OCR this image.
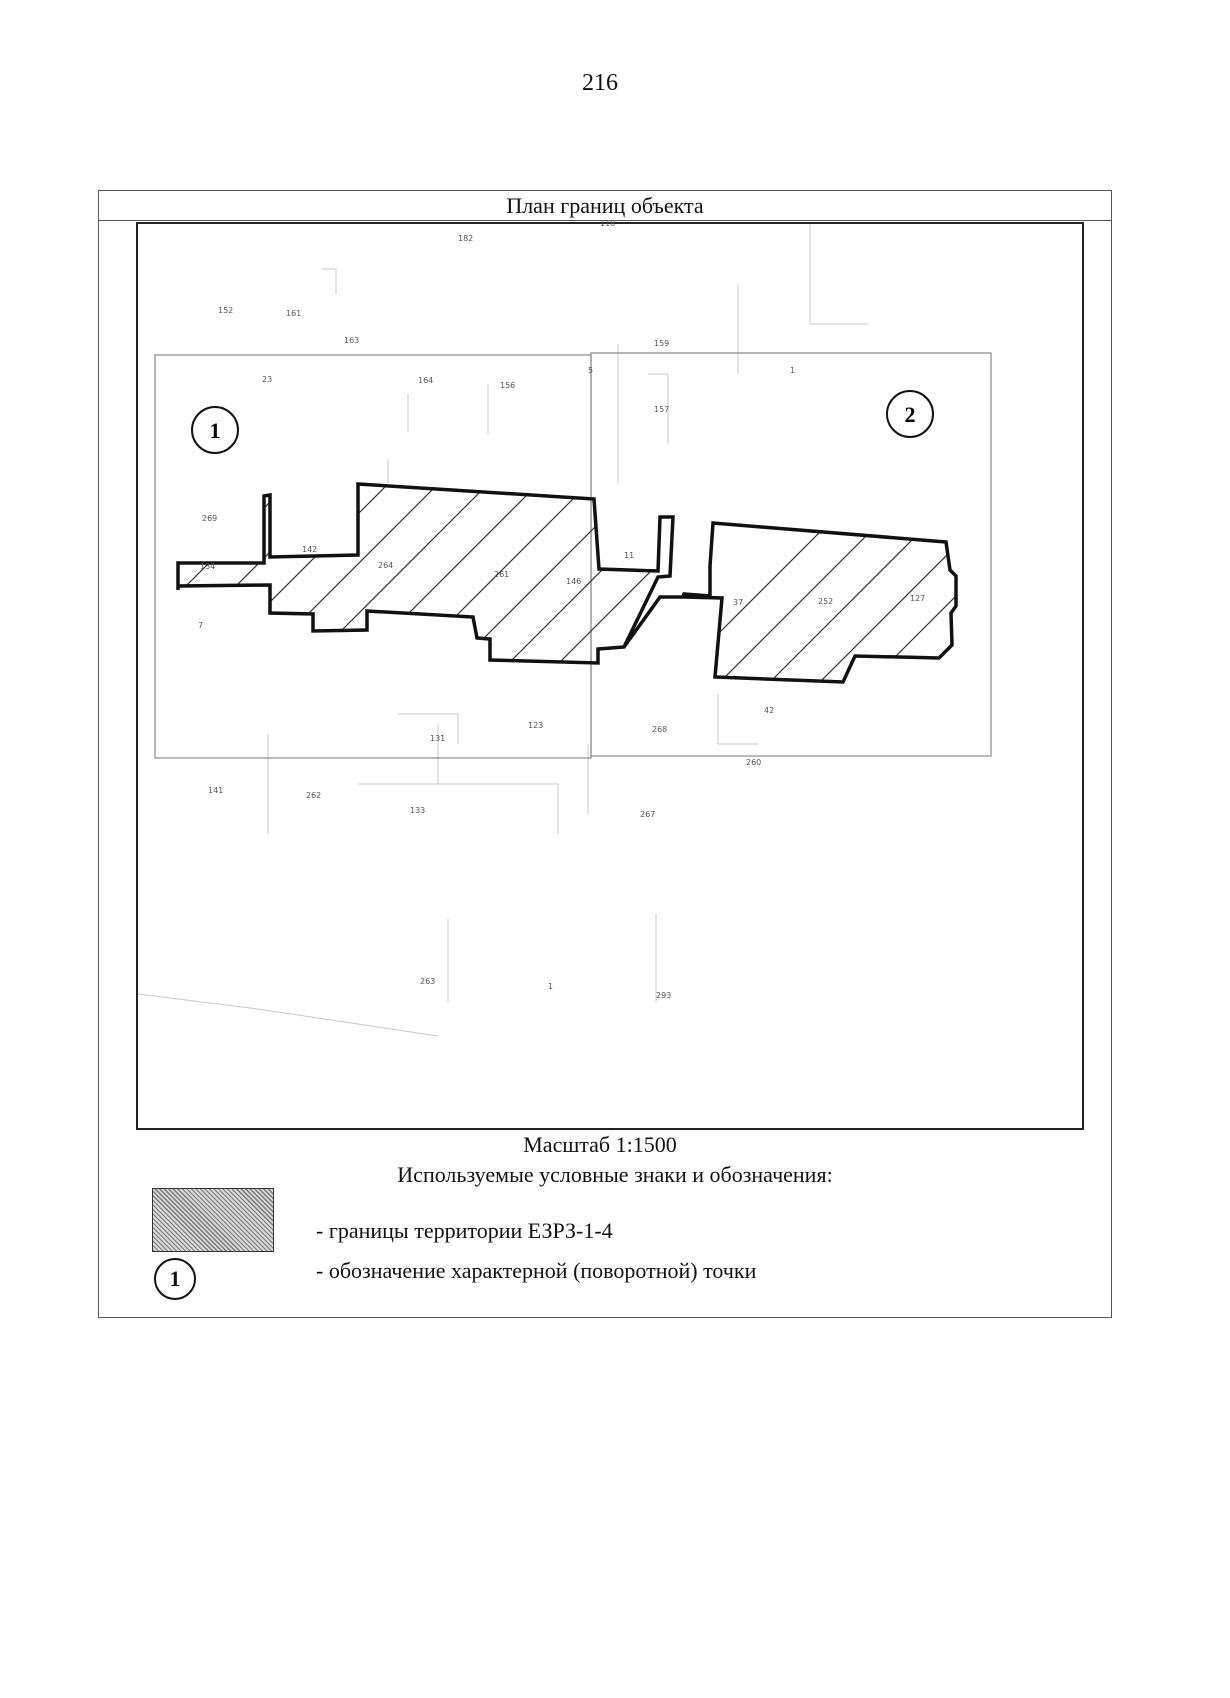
216
План границ объекта
1
2
182
118
152	161
163	159
23	164
156
5
157
1
269
142
134	264
261
146
11
37	252	127
7
123	268
42
131
260
141
262
133	267
263
1
293
Масштаб 1:1500
Используемые условные знаки и обозначения:
- границы территории ЕЗРЗ-1-4
1	- обозначение характерной (поворотной) точки
